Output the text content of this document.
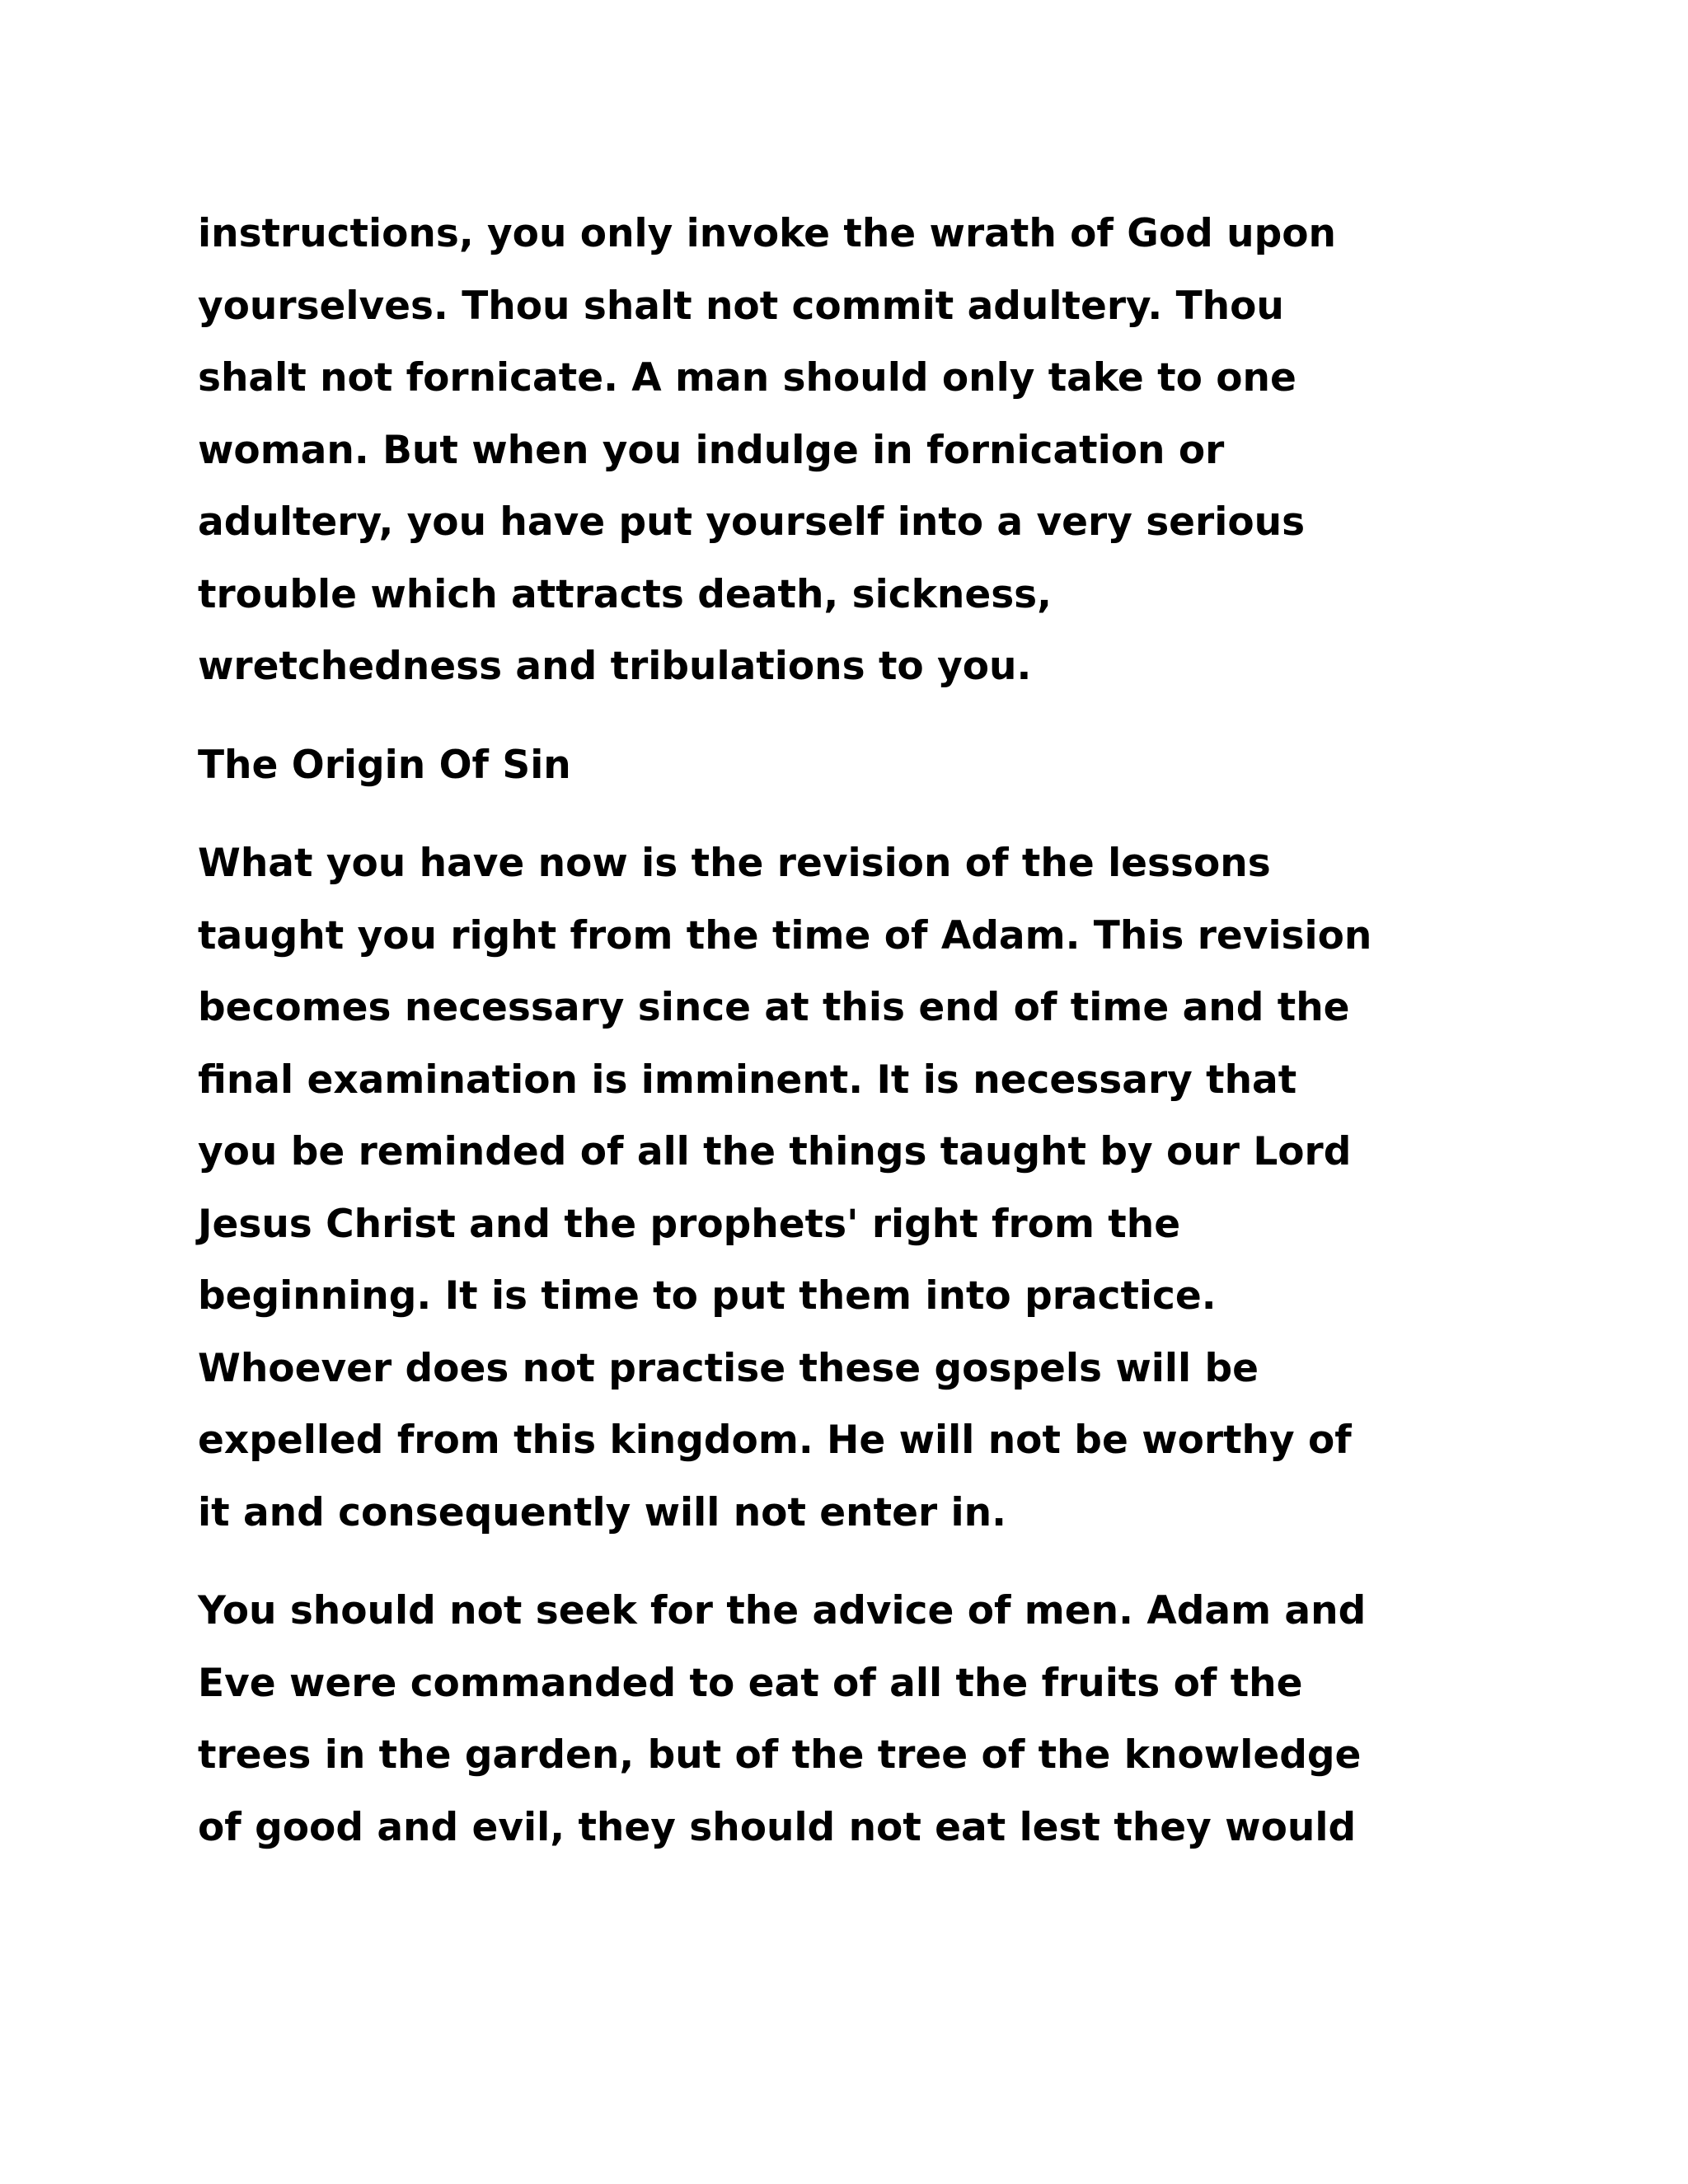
instructions, you only invoke the wrath of God upon
yourselves. Thou shalt not commit adultery. Thou
shalt not fornicate. A man should only take to one
woman. But when you indulge in fornication or
adultery, you have put yourself into a very serious
trouble which attracts death, sickness,
wretchedness and tribulations to you.
The Origin Of Sin
What you have now is the revision of the lessons
taught you right from the time of Adam. This revision
becomes necessary since at this end of time and the
final examination is imminent. It is necessary that
you be reminded of all the things taught by our Lord
Jesus Christ and the prophets' right from the
beginning. It is time to put them into practice.
Whoever does not practise these gospels will be
expelled from this kingdom. He will not be worthy of
it and consequently will not enter in.
You should not seek for the advice of men. Adam and
Eve were commanded to eat of all the fruits of the
trees in the garden, but of the tree of the knowledge
of good and evil, they should not eat lest they would
